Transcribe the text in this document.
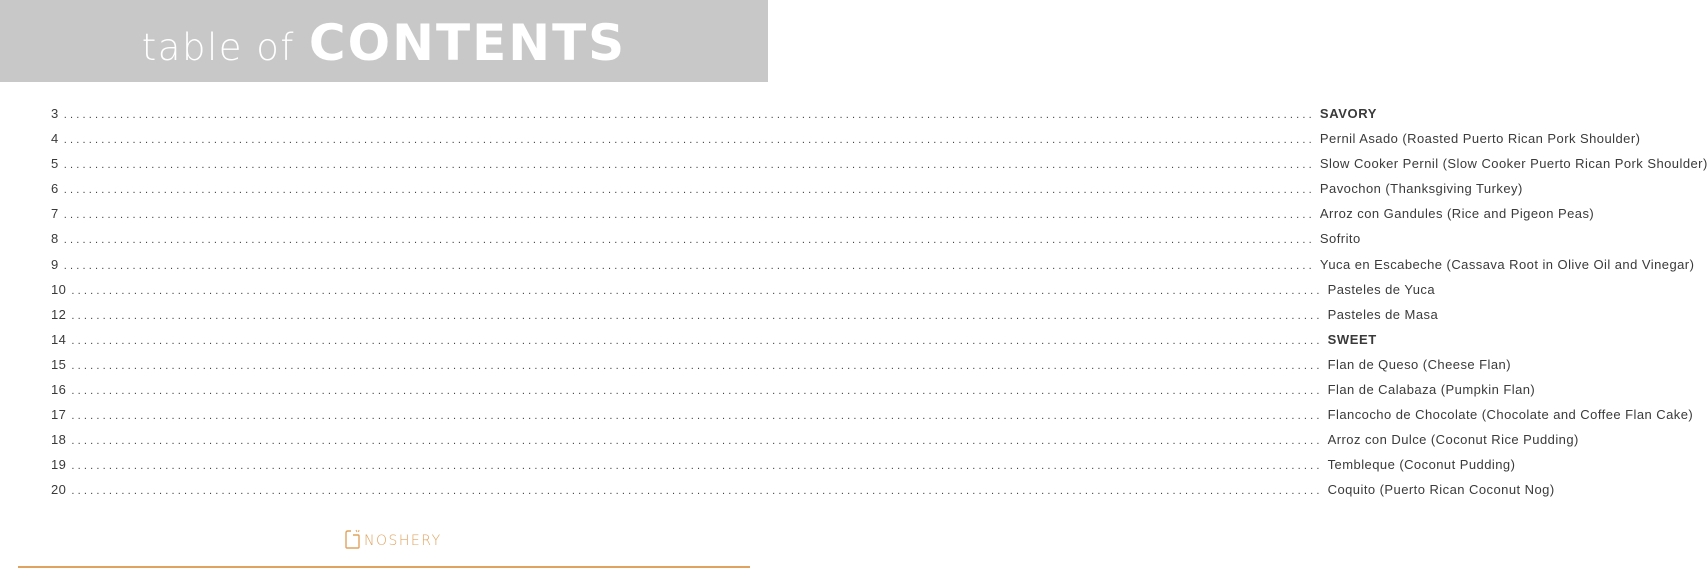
table of CONTENTS
3 ........................................................................................................................................................................................................ SAVORY
4 ........................................................................................................................................................................................................ Pernil Asado (Roasted Puerto Rican Pork Shoulder)
5 ........................................................................................................................................................................................................ Slow Cooker Pernil (Slow Cooker Puerto Rican Pork Shoulder)
6 ........................................................................................................................................................................................................ Pavochon (Thanksgiving Turkey)
7 ........................................................................................................................................................................................................ Arroz con Gandules (Rice and Pigeon Peas)
8 ........................................................................................................................................................................................................ Sofrito
9 ........................................................................................................................................................................................................ Yuca en Escabeche (Cassava Root in Olive Oil and Vinegar)
10 ........................................................................................................................................................................................................ Pasteles de Yuca
12 ........................................................................................................................................................................................................ Pasteles de Masa
14 ........................................................................................................................................................................................................ SWEET
15 ........................................................................................................................................................................................................ Flan de Queso (Cheese Flan)
16 ........................................................................................................................................................................................................ Flan de Calabaza (Pumpkin Flan)
17 ........................................................................................................................................................................................................ Flancocho de Chocolate (Chocolate and Coffee Flan Cake)
18 ........................................................................................................................................................................................................ Arroz con Dulce (Coconut Rice Pudding)
19 ........................................................................................................................................................................................................ Tembleque (Coconut Pudding)
20 ........................................................................................................................................................................................................ Coquito (Puerto Rican Coconut Nog)
NOSHERY
